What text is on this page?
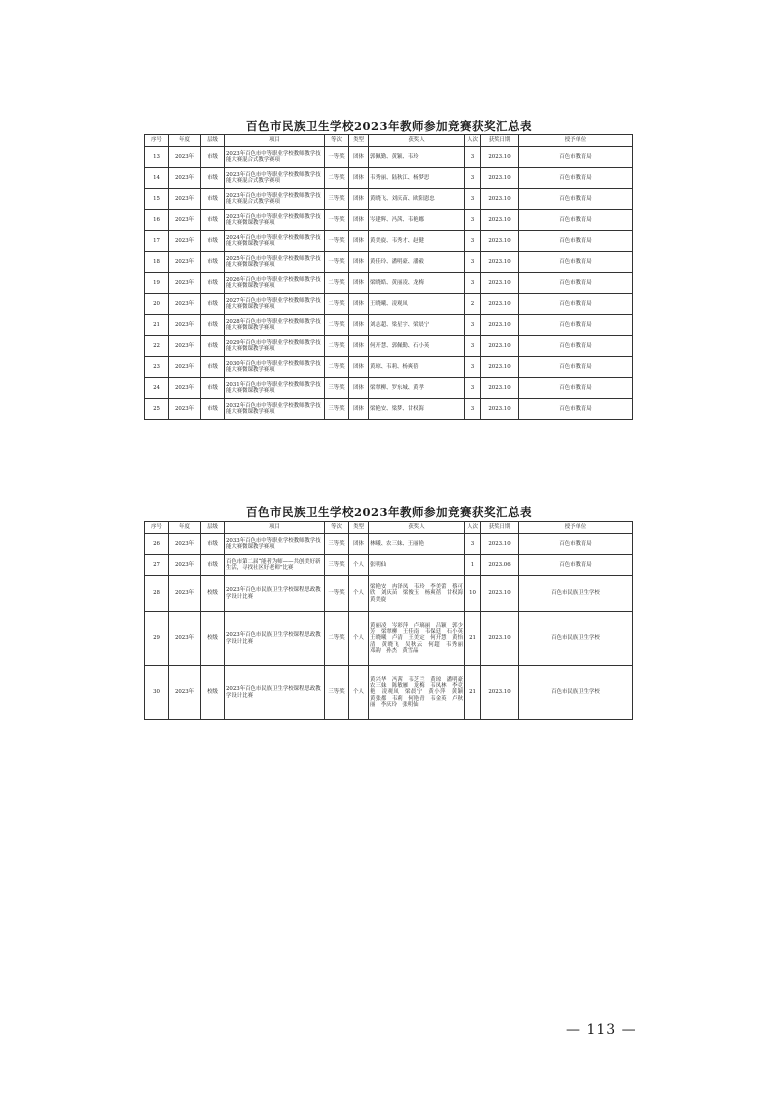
百色市民族卫生学校2023年教师参加竞赛获奖汇总表
序号	年度	层级	项目	等次	类型	获奖人	人次	获奖日期	授予单位
13	2023年	市级	2023年百色市中等职业学校教师教学技能大赛混合式教学赛项	一等奖	团体	郭佩勤、黄颖、韦玲	3	2023.10	百色市教育局
14	2023年	市级	2023年百色市中等职业学校教师教学技能大赛混合式教学赛项	二等奖	团体	韦秀丽、陆秋江、杨梦思	3	2023.10	百色市教育局
15	2023年	市级	2023年百色市中等职业学校教师教学技能大赛混合式教学赛项	三等奖	团体	黄晓飞、刘庆苗、欧阳恩忠	3	2023.10	百色市教育局
16	2023年	市级	2023年百色市中等职业学校教师教学技能大赛微课教学赛项	一等奖	团体	岑建辉、冯茜、韦艳娜	3	2023.10	百色市教育局
17	2023年	市级	2024年百色市中等职业学校教师教学技能大赛微课教学赛项	一等奖	团体	黄美旋、韦秀才、赵健	3	2023.10	百色市教育局
18	2023年	市级	2025年百色市中等职业学校教师教学技能大赛微课教学赛项	一等奖	团体	黄佳玲、潘明豪、潘毅	3	2023.10	百色市教育局
19	2023年	市级	2026年百色市中等职业学校教师教学技能大赛微课教学赛项	二等奖	团体	梁晓皓、黄丽凌、龙梅	3	2023.10	百色市教育局
20	2023年	市级	2027年百色市中等职业学校教师教学技能大赛微课教学赛项	二等奖	团体	王晓曦、凌观凤	2	2023.10	百色市教育局
21	2023年	市级	2028年百色市中等职业学校教师教学技能大赛微课教学赛项	二等奖	团体	刘志超、梁星宇、梁晨宁	3	2023.10	百色市教育局
22	2023年	市级	2029年百色市中等职业学校教师教学技能大赛微课教学赛项	二等奖	团体	何开慧、郭佩勤、石小英	3	2023.10	百色市教育局
23	2023年	市级	2030年百色市中等职业学校教师教学技能大赛微课教学赛项	二等奖	团体	黄琼、韦莉、杨爽蓓	3	2023.10	百色市教育局
24	2023年	市级	2031年百色市中等职业学校教师教学技能大赛微课教学赛项	三等奖	团体	梁翠柳、罗东城、黄孝	3	2023.10	百色市教育局
25	2023年	市级	2032年百色市中等职业学校教师教学技能大赛微课教学赛项	三等奖	团体	梁艳安、梁梦、甘权海	3	2023.10	百色市教育局
百色市民族卫生学校2023年教师参加竞赛获奖汇总表
序号	年度	层级	项目	等次	类型	获奖人	人次	获奖日期	授予单位
26	2023年	市级	2033年百色市中等职业学校教师教学技能大赛微课教学赛项	三等奖	团体	林曦、农三妹、王丽艳	3	2023.10	百色市教育局
27	2023年	市级	百色市第二届“能者为师——共创美好新生活，寻找社区好老师”比赛	三等奖	个人	张明仙	1	2023.06	百色市教育局
28	2023年	校级	2023年百色市民族卫生学校课程思政教学设计比赛	一等奖	个人	梁艳安　冉泽凤　韦玲　李美蕾　蔡可欣　刘庆苗　梁俊玉　杨爽蓓　甘权海　黄美旋	10	2023.10	百色市民族卫生学校
29	2023年	校级	2023年百色市民族卫生学校课程思政教学设计比赛	二等奖	个人	黄丽凌　岑彩萍　卢璃丽　吕颖　郭少芳　梁翠柳　王佳南　韦保廷　石小英　王晓曦　卢清　王美定　何开慧　黄怡清　黄晓飞　吴秋云　何超　韦秀丽　邓韵　孙杰　黄雪晶	21	2023.10	百色市民族卫生学校
30	2023年	校级	2023年百色市民族卫生学校课程思政教学设计比赛	三等奖	个人	黄兴华　冯茜　韦芝兰　黄琼　潘明豪　农三妹　陈敏雁　龙梅　韦凤林　李竞艳　凌观凤　梁晨宁　黄小萍　黄颖　黄张都　韦莉　何艳青　韦金英　卢秋丽　李庆玲　张明仙	21	2023.10	百色市民族卫生学校
— 113 —
